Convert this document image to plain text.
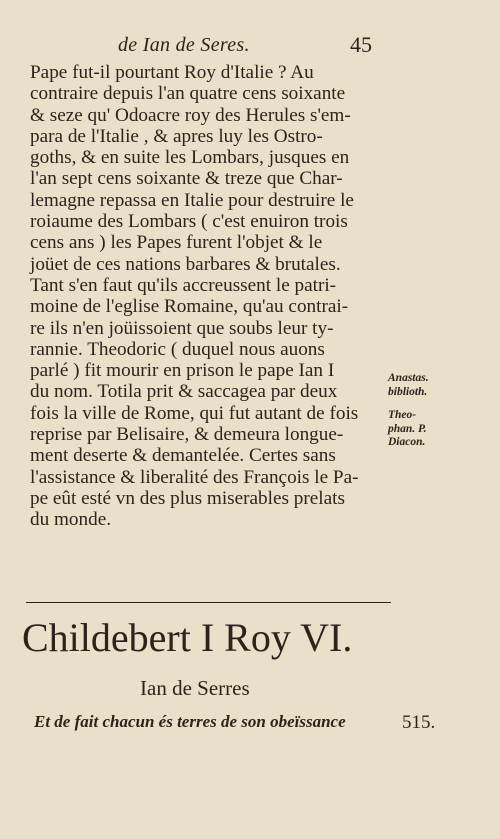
de Ian de Seres.	45
Pape fut-il pourtant Roy d'Italie ? Au
contraire depuis l'an quatre cens soixante
& seze qu' Odoacre roy des Herules s'em-
para de l'Italie , & apres luy les Ostro-
goths, & en suite les Lombars, jusques en
l'an sept cens soixante & treze que Char-
lemagne repassa en Italie pour destruire le
roiaume des Lombars ( c'est enuiron trois
cens ans ) les Papes furent l'objet & le
joüet de ces nations barbares & brutales.
Tant s'en faut qu'ils accreussent le patri-
moine de l'eglise Romaine, qu'au contrai-
re ils n'en joüissoient que soubs leur ty-
rannie. Theodoric ( duquel nous auons
parlé ) fit mourir en prison le pape Ian I
du nom. Totila prit & saccagea par deux
fois la ville de Rome, qui fut autant de fois
reprise par Belisaire, & demeura longue-
ment deserte & demantelée. Certes sans
l'assistance & liberalité des François le Pa-
pe eût esté vn des plus miserables prelats
du monde.
Anastas.
biblioth.
Theo-
phan. P.
Diacon.
Childebert I Roy VI.
Ian de Serres
Et de fait chacun és terres de son obeïssance	515.
